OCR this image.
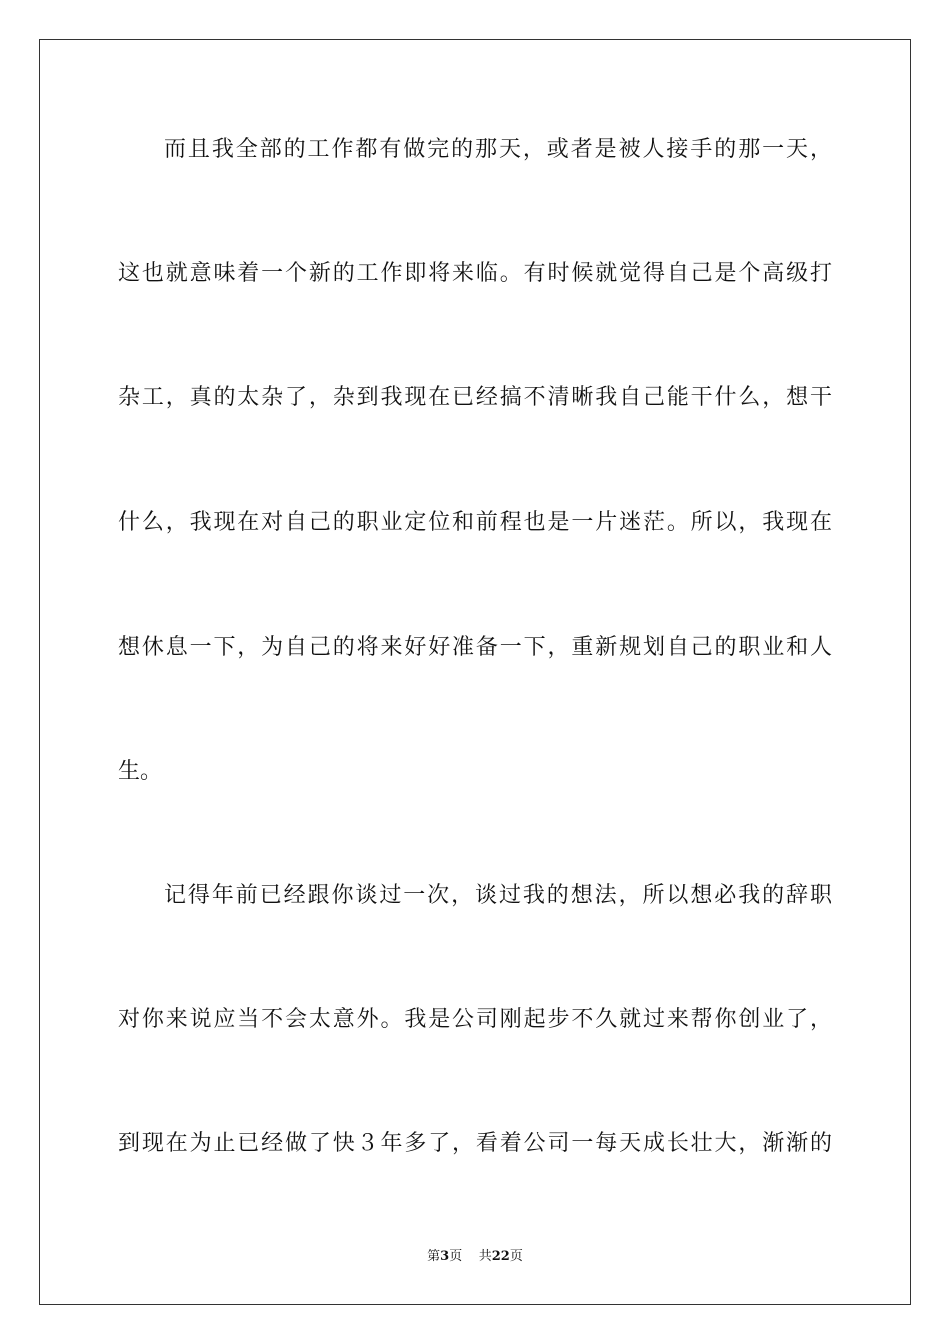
而且我全部的工作都有做完的那天，或者是被人接手的那一天，
这也就意味着一个新的工作即将来临。有时候就觉得自己是个高级打
杂工，真的太杂了，杂到我现在已经搞不清晰我自己能干什么，想干
什么，我现在对自己的职业定位和前程也是一片迷茫。所以，我现在
想休息一下，为自己的将来好好准备一下，重新规划自己的职业和人
生。
记得年前已经跟你谈过一次，谈过我的想法，所以想必我的辞职
对你来说应当不会太意外。我是公司刚起步不久就过来帮你创业了，
到现在为止已经做了快３年多了，看着公司一每天成长壮大，渐渐的
第3页 共22页
